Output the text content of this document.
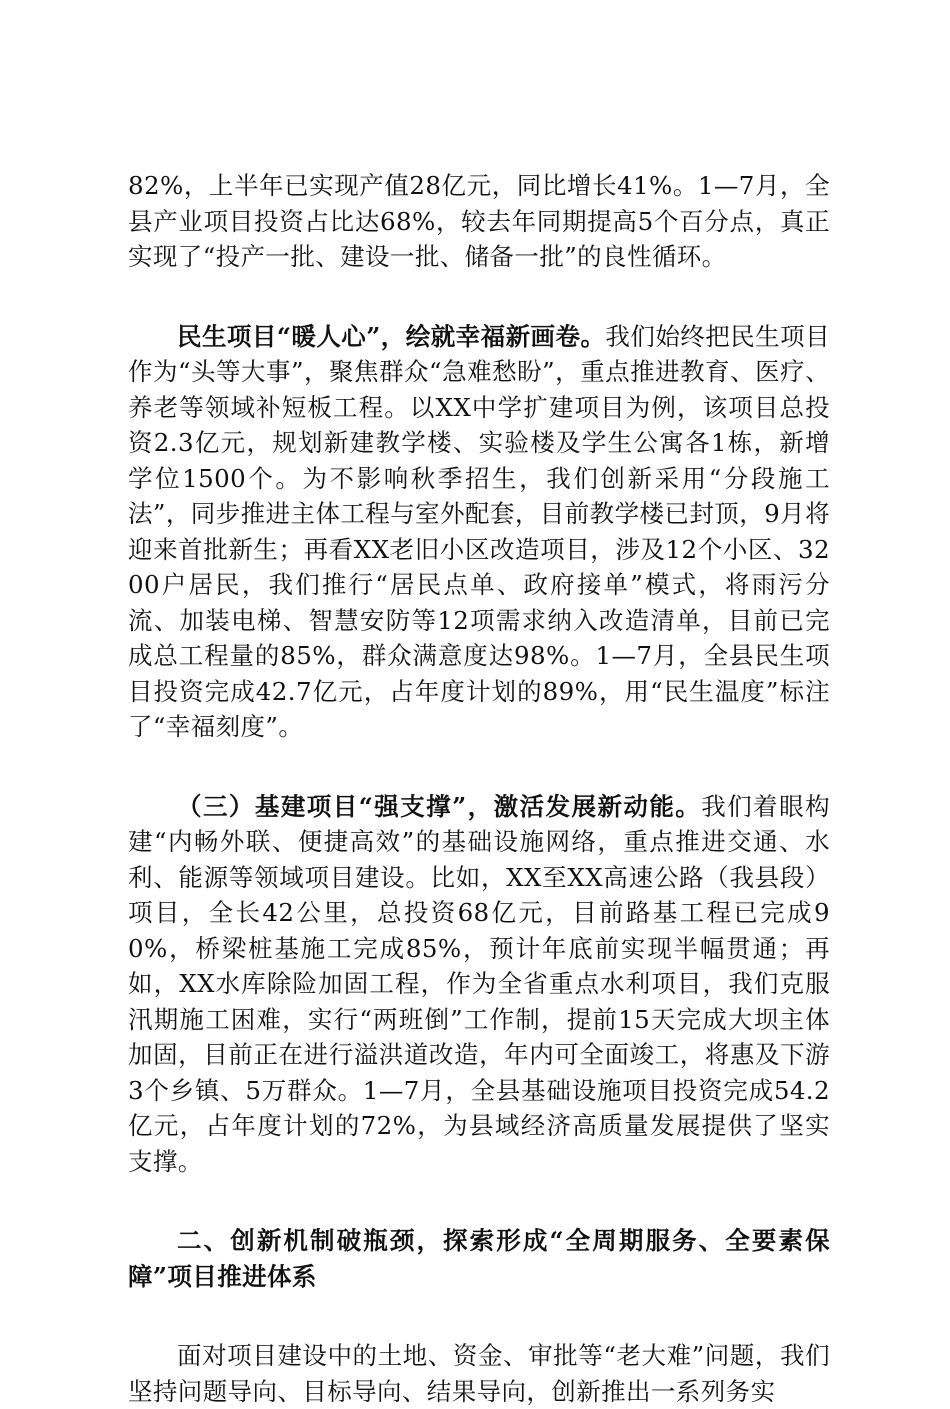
82%，上半年已实现产值28亿元，同比增长41%。1—7月，全县产业项目投资占比达68%，较去年同期提高5个百分点，真正实现了“投产一批、建设一批、储备一批”的良性循环。

民生项目“暖人心”，绘就幸福新画卷。我们始终把民生项目作为“头等大事”，聚焦群众“急难愁盼”，重点推进教育、医疗、养老等领域补短板工程。以XX中学扩建项目为例，该项目总投资2.3亿元，规划新建教学楼、实验楼及学生公寓各1栋，新增学位1500个。为不影响秋季招生，我们创新采用“分段施工法”，同步推进主体工程与室外配套，目前教学楼已封顶，9月将迎来首批新生；再看XX老旧小区改造项目，涉及12个小区、3200户居民，我们推行“居民点单、政府接单”模式，将雨污分流、加装电梯、智慧安防等12项需求纳入改造清单，目前已完成总工程量的85%，群众满意度达98%。1—7月，全县民生项目投资完成42.7亿元，占年度计划的89%，用“民生温度”标注了“幸福刻度”。

（三）基建项目“强支撑”，激活发展新动能。我们着眼构建“内畅外联、便捷高效”的基础设施网络，重点推进交通、水利、能源等领域项目建设。比如，XX至XX高速公路（我县段）项目，全长42公里，总投资68亿元，目前路基工程已完成90%，桥梁桩基施工完成85%，预计年底前实现半幅贯通；再如，XX水库除险加固工程，作为全省重点水利项目，我们克服汛期施工困难，实行“两班倒”工作制，提前15天完成大坝主体加固，目前正在进行溢洪道改造，年内可全面竣工，将惠及下游3个乡镇、5万群众。1—7月，全县基础设施项目投资完成54.2亿元，占年度计划的72%，为县域经济高质量发展提供了坚实支撑。

二、创新机制破瓶颈，探索形成“全周期服务、全要素保障”项目推进体系

面对项目建设中的土地、资金、审批等“老大难”问题，我们坚持问题导向、目标导向、结果导向，创新推出一系列务实
